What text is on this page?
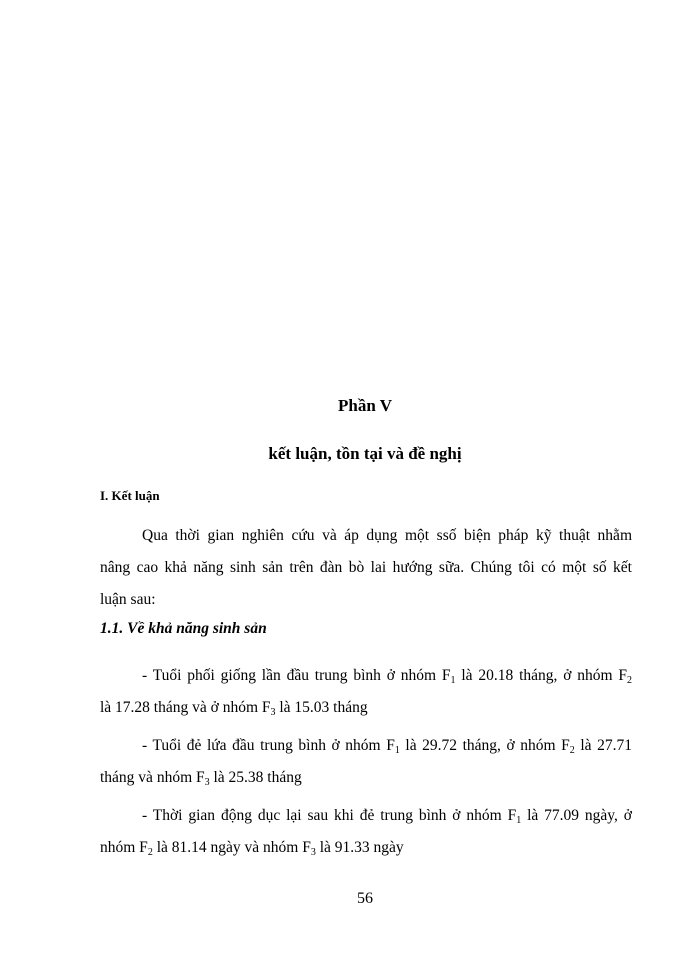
Phần V
kết luận, tồn tại và đề nghị
I. Kết luận
Qua thời gian nghiên cứu và áp dụng một ssố biện pháp kỹ thuật nhằm
nâng cao khả năng sinh sản trên đàn bò lai hướng sữa. Chúng tôi có một số kết
luận sau:
1.1. Về khả năng sinh sản
- Tuổi phối giống lần đầu trung bình ở nhóm $F_1$ là 20.18 tháng, ở nhóm $F_2$
là 17.28 tháng và ở nhóm $F_3$ là 15.03 tháng
- Tuổi đẻ lứa đầu trung bình ở nhóm $F_1$ là 29.72 tháng, ở nhóm $F_2$ là 27.71
tháng và nhóm $F_3$ là 25.38 tháng
- Thời gian động dục lại sau khi đẻ trung bình ở nhóm $F_1$ là 77.09 ngày, ở
nhóm $F_2$ là 81.14 ngày và nhóm $F_3$ là 91.33 ngày
56
